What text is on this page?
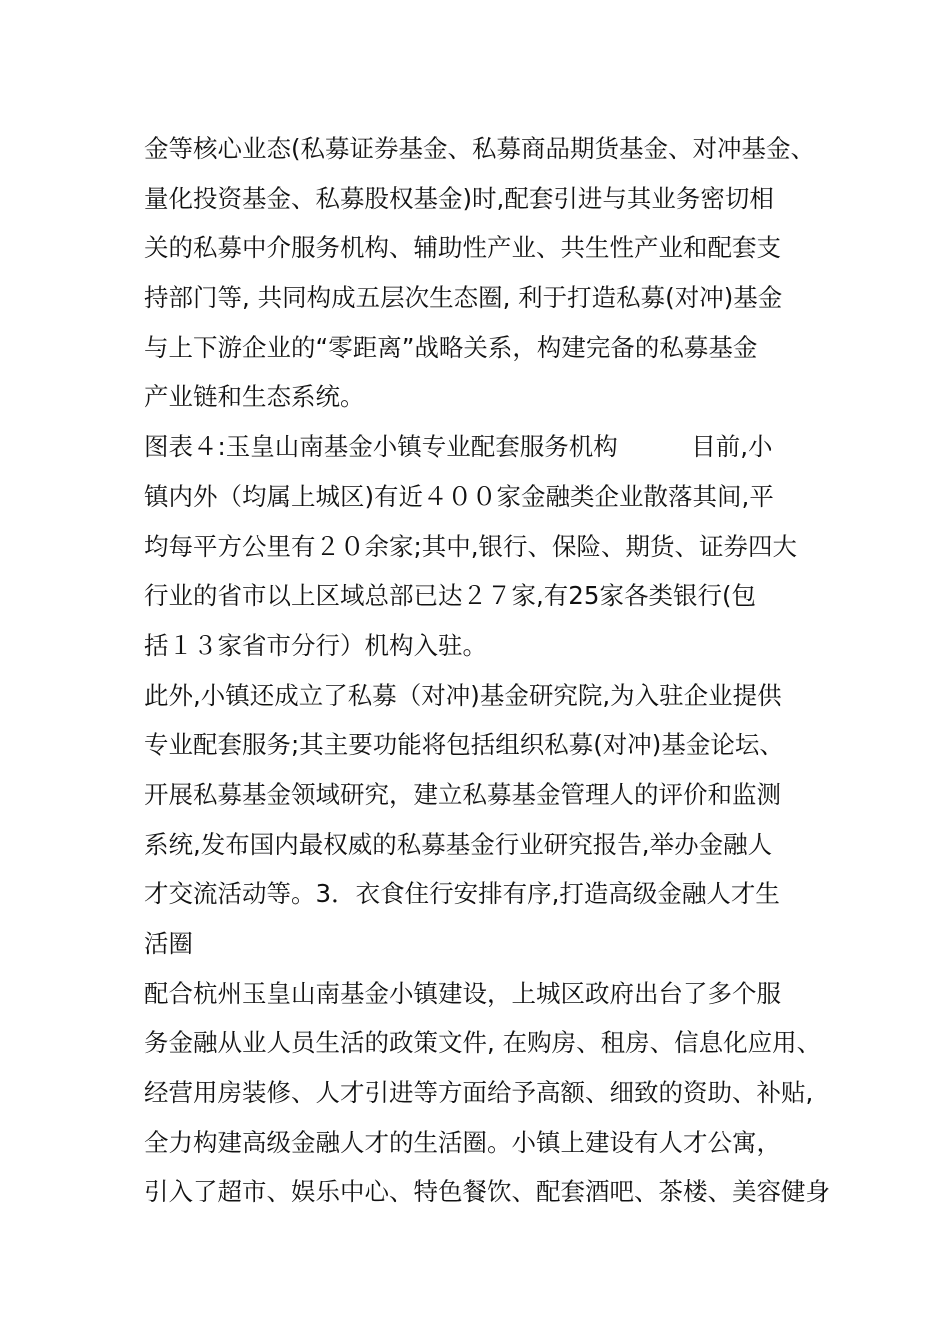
金等核心业态(私募证券基金、私募商品期货基金、对冲基金、
量化投资基金、私募股权基金)时,配套引进与其业务密切相
关的私募中介服务机构、辅助性产业、共生性产业和配套支
持部门等, 共同构成五层次生态圈, 利于打造私募(对冲)基金
与上下游企业的“零距离”战略关系，构建完备的私募基金
产业链和生态系统。
图表４:玉皇山南基金小镇专业配套服务机构　　　目前,小
镇内外（均属上城区)有近４００家金融类企业散落其间,平
均每平方公里有２０余家;其中,银行、保险、期货、证券四大
行业的省市以上区域总部已达２７家,有25家各类银行(包
括１３家省市分行）机构入驻。
此外,小镇还成立了私募（对冲)基金研究院,为入驻企业提供
专业配套服务;其主要功能将包括组织私募(对冲)基金论坛、
开展私募基金领域研究，建立私募基金管理人的评价和监测
系统,发布国内最权威的私募基金行业研究报告,举办金融人
才交流活动等。3．衣食住行安排有序,打造高级金融人才生
活圈
配合杭州玉皇山南基金小镇建设，上城区政府出台了多个服
务金融从业人员生活的政策文件, 在购房、租房、信息化应用、
经营用房装修、人才引进等方面给予高额、细致的资助、补贴,
全力构建高级金融人才的生活圈。小镇上建设有人才公寓，
引入了超市、娱乐中心、特色餐饮、配套酒吧、茶楼、美容健身
